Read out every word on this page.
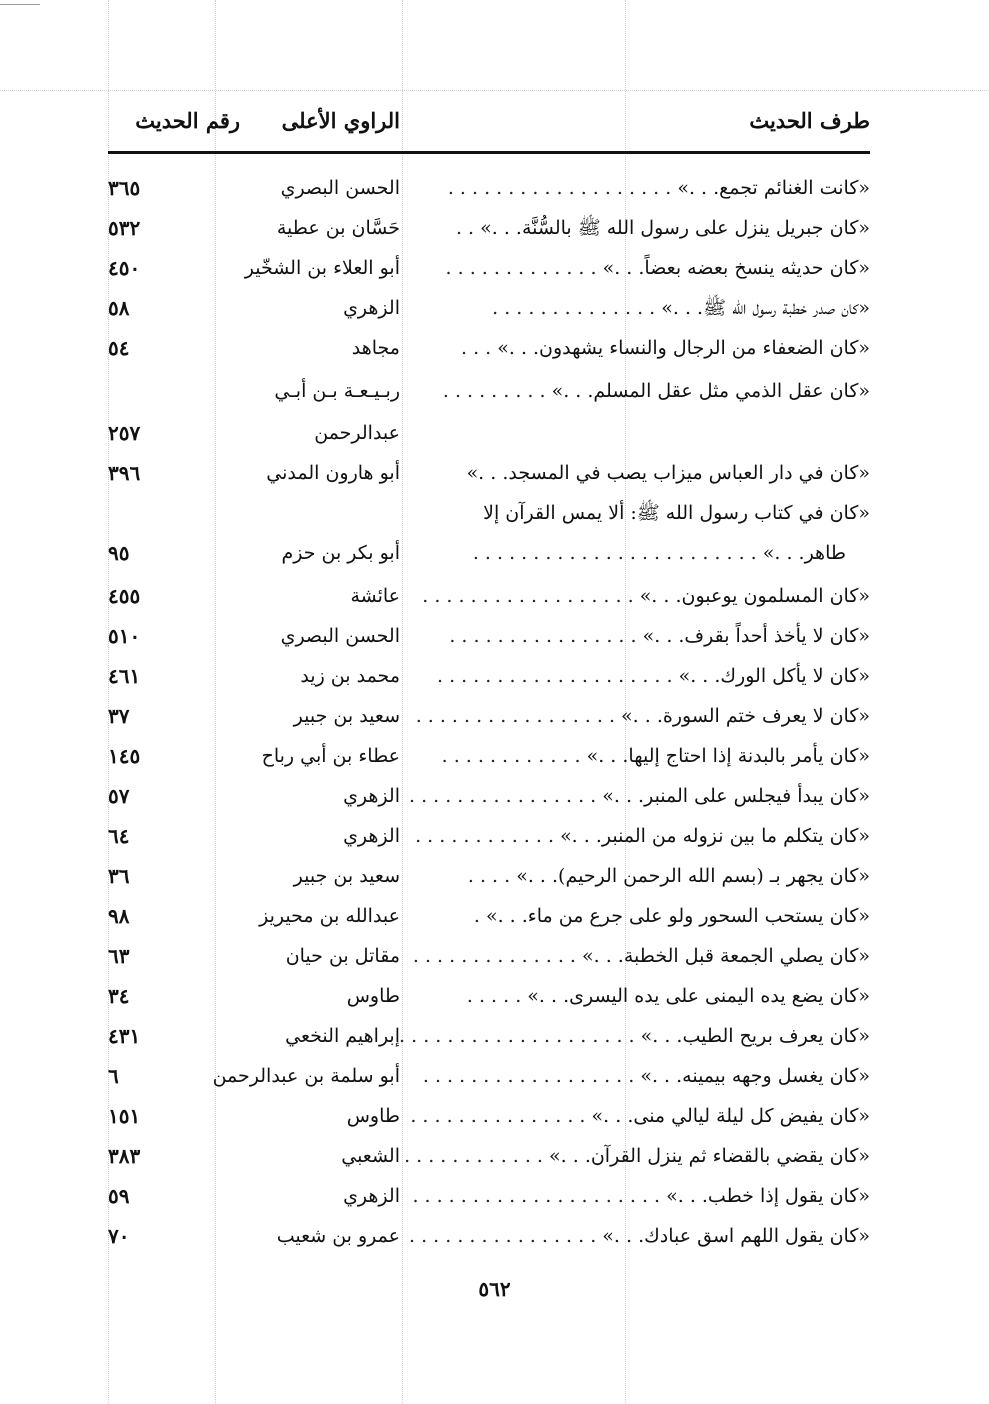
طرف الحديث
الراوي الأعلى
رقم الحديث
«كانت الغنائم تجمع. . .» . . . . . . . . . . . . . . . . . . .
الحسن البصري
٣٦٥
«كان جبريل ينزل على رسول الله ﷺ بالسُّنَّة. . .» . .
حَسَّان بن عطية
٥٣٢
«كان حديثه ينسخ بعضه بعضاً. . .» . . . . . . . . . . . . .
أبو العلاء بن الشخّير
٤٥٠
«كان صدر خطبة رسول الله ﷺ. . .» . . . . . . . . . . . . . .
الزهري
٥٨
«كان الضعفاء من الرجال والنساء يشهدون. . .» . . .
مجاهد
٥٤
«كان عقل الذمي مثل عقل المسلم. . .» . . . . . . . . .
ربـيـعـة بـن أبـي
عبدالرحمن
٢٥٧
«كان في دار العباس ميزاب يصب في المسجد. . .»
أبو هارون المدني
٣٩٦
«كان في كتاب رسول الله ﷺ: ألا يمس القرآن إلا
طاهر. . .» . . . . . . . . . . . . . . . . . . . . . . . .
أبو بكر بن حزم
٩٥
«كان المسلمون يوعبون. . .» . . . . . . . . . . . . . . . . . .
عائشة
٤٥٥
«كان لا يأخذ أحداً بقرف. . .» . . . . . . . . . . . . . . . .
الحسن البصري
٥١٠
«كان لا يأكل الورك. . .» . . . . . . . . . . . . . . . . . . . .
محمد بن زيد
٤٦١
«كان لا يعرف ختم السورة. . .» . . . . . . . . . . . . . . . . .
سعيد بن جبير
٣٧
«كان يأمر بالبدنة إذا احتاج إليها. . .» . . . . . . . . . . . .
عطاء بن أبي رباح
١٤٥
«كان يبدأ فيجلس على المنبر. . .» . . . . . . . . . . . . . . . .
الزهري
٥٧
«كان يتكلم ما بين نزوله من المنبر. . .» . . . . . . . . . . . .
الزهري
٦٤
«كان يجهر بـ (بسم الله الرحمن الرحيم). . .» . . . .
سعيد بن جبير
٣٦
«كان يستحب السحور ولو على جرع من ماء. . .» .
عبدالله بن محيريز
٩٨
«كان يصلي الجمعة قبل الخطبة. . .» . . . . . . . . . . . . . .
مقاتل بن حيان
٦٣
«كان يضع يده اليمنى على يده اليسرى. . .» . . . . .
طاوس
٣٤
«كان يعرف بريح الطيب. . .» . . . . . . . . . . . . . . . . . . . .
إبراهيم النخعي
٤٣١
«كان يغسل وجهه بيمينه. . .» . . . . . . . . . . . . . . . . . .
أبو سلمة بن عبدالرحمن
٦
«كان يفيض كل ليلة ليالي منى. . .» . . . . . . . . . . . . . . .
طاوس
١٥١
«كان يقضي بالقضاء ثم ينزل القرآن. . .» . . . . . . . . . . . .
الشعبي
٣٨٣
«كان يقول إذا خطب. . .» . . . . . . . . . . . . . . . . . . . . .
الزهري
٥٩
«كان يقول اللهم اسق عبادك. . .» . . . . . . . . . . . . . . . .
عمرو بن شعيب
٧٠
٥٦٢
